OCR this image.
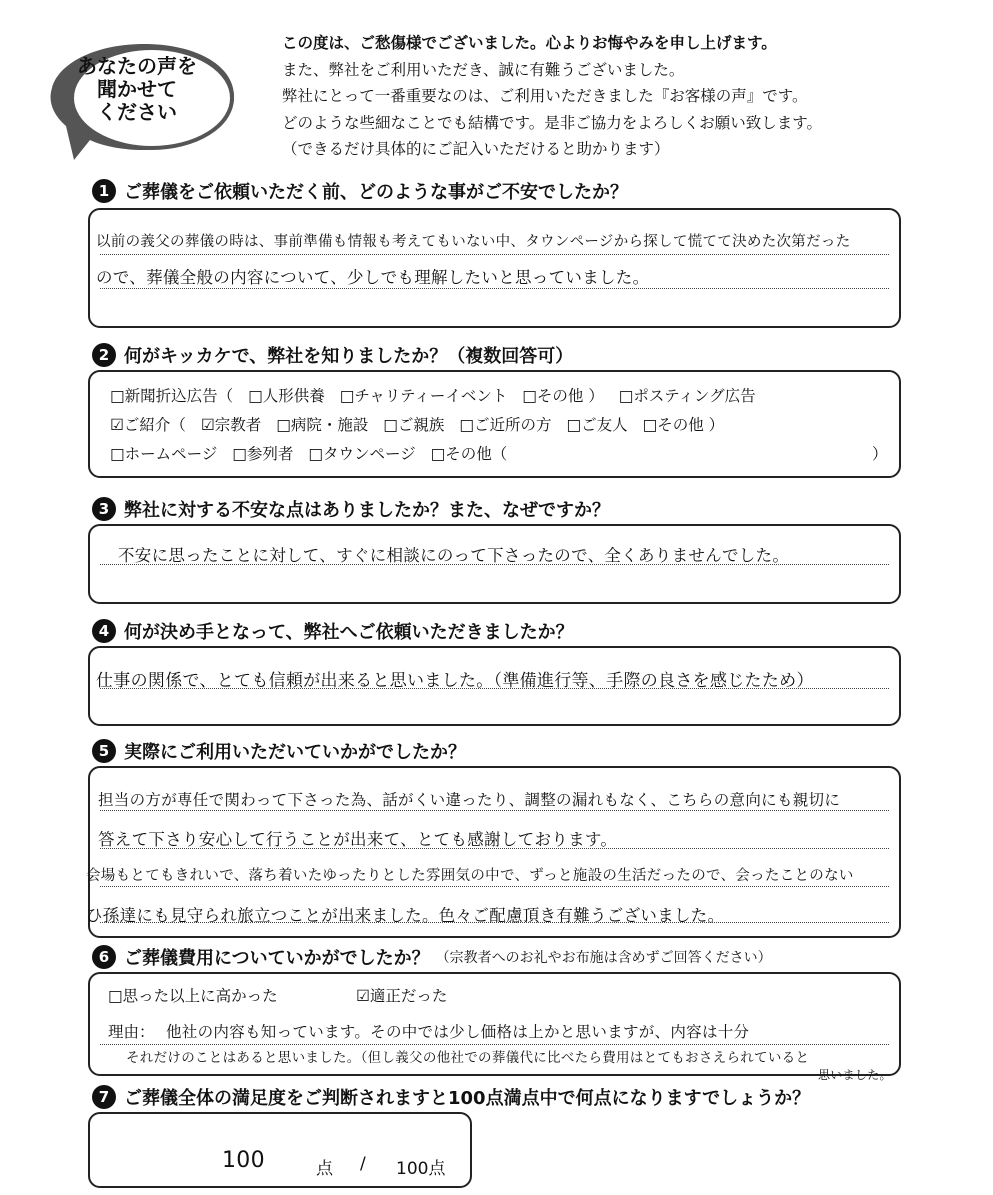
あなたの声を
聞かせて
ください
この度は、ご愁傷様でございました。心よりお悔やみを申し上げます。
また、弊社をご利用いただき、誠に有難うございました。
弊社にとって一番重要なのは、ご利用いただきました『お客様の声』です。
どのような些細なことでも結構です。是非ご協力をよろしくお願い致します。
（できるだけ具体的にご記入いただけると助かります）
1 ご葬儀をご依頼いただく前、どのような事がご不安でしたか？
以前の義父の葬儀の時は、事前準備も情報も考えてもいない中、タウンページから探して慌てて決めた次第だった
ので、葬儀全般の内容について、少しでも理解したいと思っていました。
2 何がキッカケで、弊社を知りましたか？（複数回答可）
□新聞折込広告（ □人形供養 □チャリティーイベント □その他 ） □ポスティング広告
☑ご紹介（ ☑宗教者 □病院・施設 □ご親族 □ご近所の方 □ご友人 □その他 ）
□ホームページ □参列者 □タウンページ □その他（	）
3 弊社に対する不安な点はありましたか？また、なぜですか？
不安に思ったことに対して、すぐに相談にのって下さったので、全くありませんでした。
4 何が決め手となって、弊社へご依頼いただきましたか？
仕事の関係で、とても信頼が出来ると思いました。（準備進行等、手際の良さを感じたため）
5 実際にご利用いただいていかがでしたか？
担当の方が専任で関わって下さった為、話がくい違ったり、調整の漏れもなく、こちらの意向にも親切に
答えて下さり安心して行うことが出来て、とても感謝しております。
会場もとてもきれいで、落ち着いたゆったりとした雰囲気の中で、ずっと施設の生活だったので、会ったことのない
ひ孫達にも見守られ旅立つことが出来ました。色々ご配慮頂き有難うございました。
6 ご葬儀費用についていかがでしたか？ （宗教者へのお礼やお布施は含めずご回答ください）
□思った以上に高かった	☑適正だった
理由： 他社の内容も知っています。その中では少し価格は上かと思いますが、内容は十分
それだけのことはあると思いました。（但し義父の他社での葬儀代に比べたら費用はとてもおさえられていると
思いました。
7 ご葬儀全体の満足度をご判断されますと100点満点中で何点になりますでしょうか？
100	点 / 100点
